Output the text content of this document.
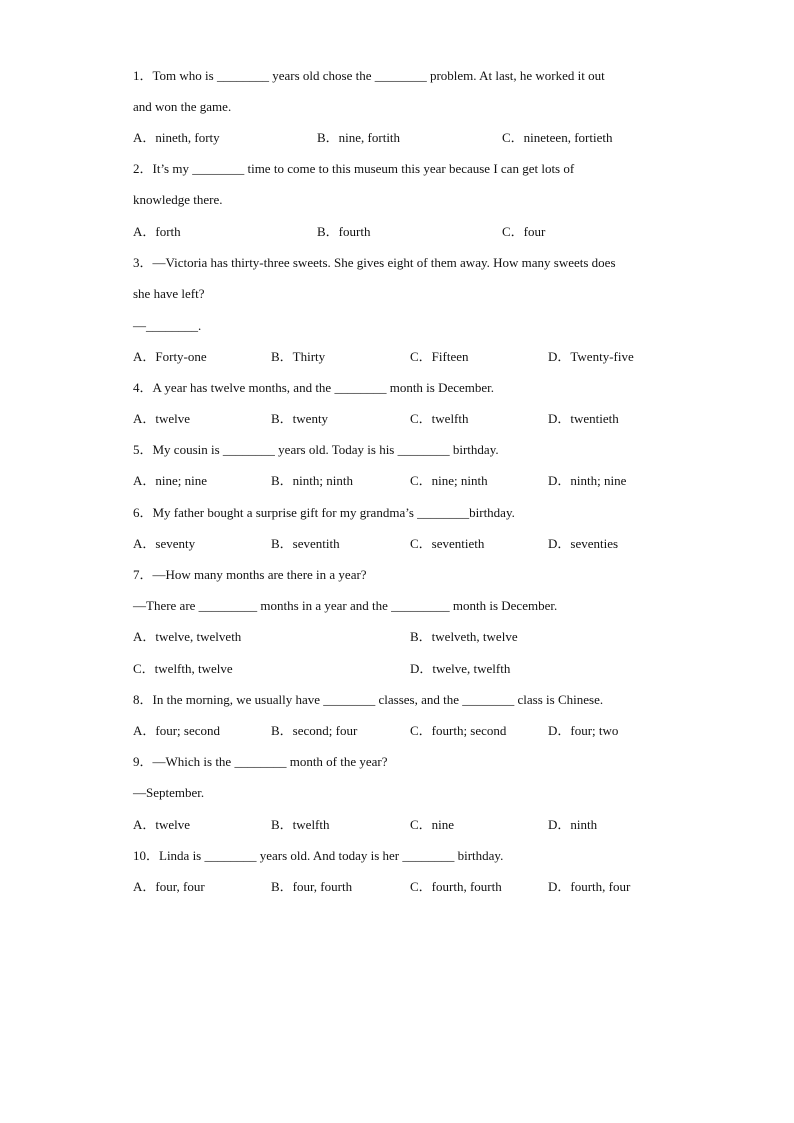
1．Tom who is ________ years old chose the ________ problem. At last, he worked it out
and won the game.
A．nineth, forty	B．nine, fortith	C．nineteen, fortieth
2．It’s my ________ time to come to this museum this year because I can get lots of
knowledge there.
A．forth	B．fourth	C．four
3．—Victoria has thirty-three sweets. She gives eight of them away. How many sweets does
she have left?
—________.
A．Forty-one	B．Thirty	C．Fifteen	D．Twenty-five
4．A year has twelve months, and the ________ month is December.
A．twelve	B．twenty	C．twelfth	D．twentieth
5．My cousin is ________ years old. Today is his ________ birthday.
A．nine; nine	B．ninth; ninth	C．nine; ninth	D．ninth; nine
6．My father bought a surprise gift for my grandma’s ________birthday.
A．seventy	B．seventith	C．seventieth	D．seventies
7．—How many months are there in a year?
—There are _________ months in a year and the _________ month is December.
A．twelve, twelveth	B．twelveth, twelve
C．twelfth, twelve	D．twelve, twelfth
8．In the morning, we usually have ________ classes, and the ________ class is Chinese.
A．four; second	B．second; four	C．fourth; second	D．four; two
9．—Which is the ________ month of the year?
—September.
A．twelve	B．twelfth	C．nine	D．ninth
10．Linda is ________ years old. And today is her ________ birthday.
A．four, four	B．four, fourth	C．fourth, fourth	D．fourth, four
